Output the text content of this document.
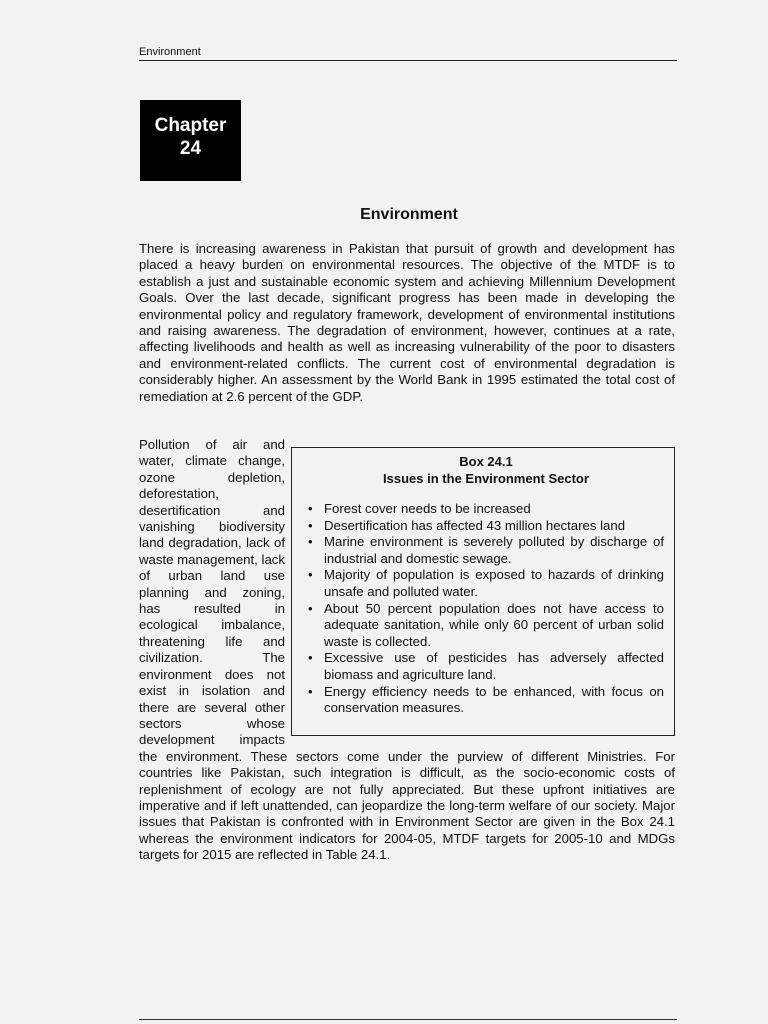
Environment
Chapter
24
Environment

There is increasing awareness in Pakistan that pursuit of growth and development has placed a heavy burden on environmental resources. The objective of the MTDF is to establish a just and sustainable economic system and achieving Millennium Development Goals. Over the last decade, significant progress has been made in developing the environmental policy and regulatory framework, development of environmental institutions and raising awareness. The degradation of environment, however, continues at a rate, affecting livelihoods and health as well as increasing vulnerability of the poor to disasters and environment-related conflicts. The current cost of environmental degradation is considerably higher. An assessment by the World Bank in 1995 estimated the total cost of remediation at 2.6 percent of the GDP.

Box 24.1
Issues in the Environment Sector
• Forest cover needs to be increased
• Desertification has affected 43 million hectares land
• Marine environment is severely polluted by discharge of industrial and domestic sewage.
• Majority of population is exposed to hazards of drinking unsafe and polluted water.
• About 50 percent population does not have access to adequate sanitation, while only 60 percent of urban solid waste is collected.
• Excessive use of pesticides has adversely affected biomass and agriculture land.
• Energy efficiency needs to be enhanced, with focus on conservation measures.
Pollution of air and water, climate change, ozone depletion, deforestation, desertification and vanishing biodiversity land degradation, lack of waste management, lack of urban land use planning and zoning, has resulted in ecological imbalance, threatening life and civilization. The environment does not exist in isolation and there are several other sectors whose development impacts the environment. These sectors come under the purview of different Ministries. For countries like Pakistan, such integration is difficult, as the socio-economic costs of replenishment of ecology are not fully appreciated. But these upfront initiatives are imperative and if left unattended, can jeopardize the long-term welfare of our society. Major issues that Pakistan is confronted with in Environment Sector are given in the Box 24.1 whereas the environment indicators for 2004-05, MTDF targets for 2005-10 and MDGs targets for 2015 are reflected in Table 24.1.
